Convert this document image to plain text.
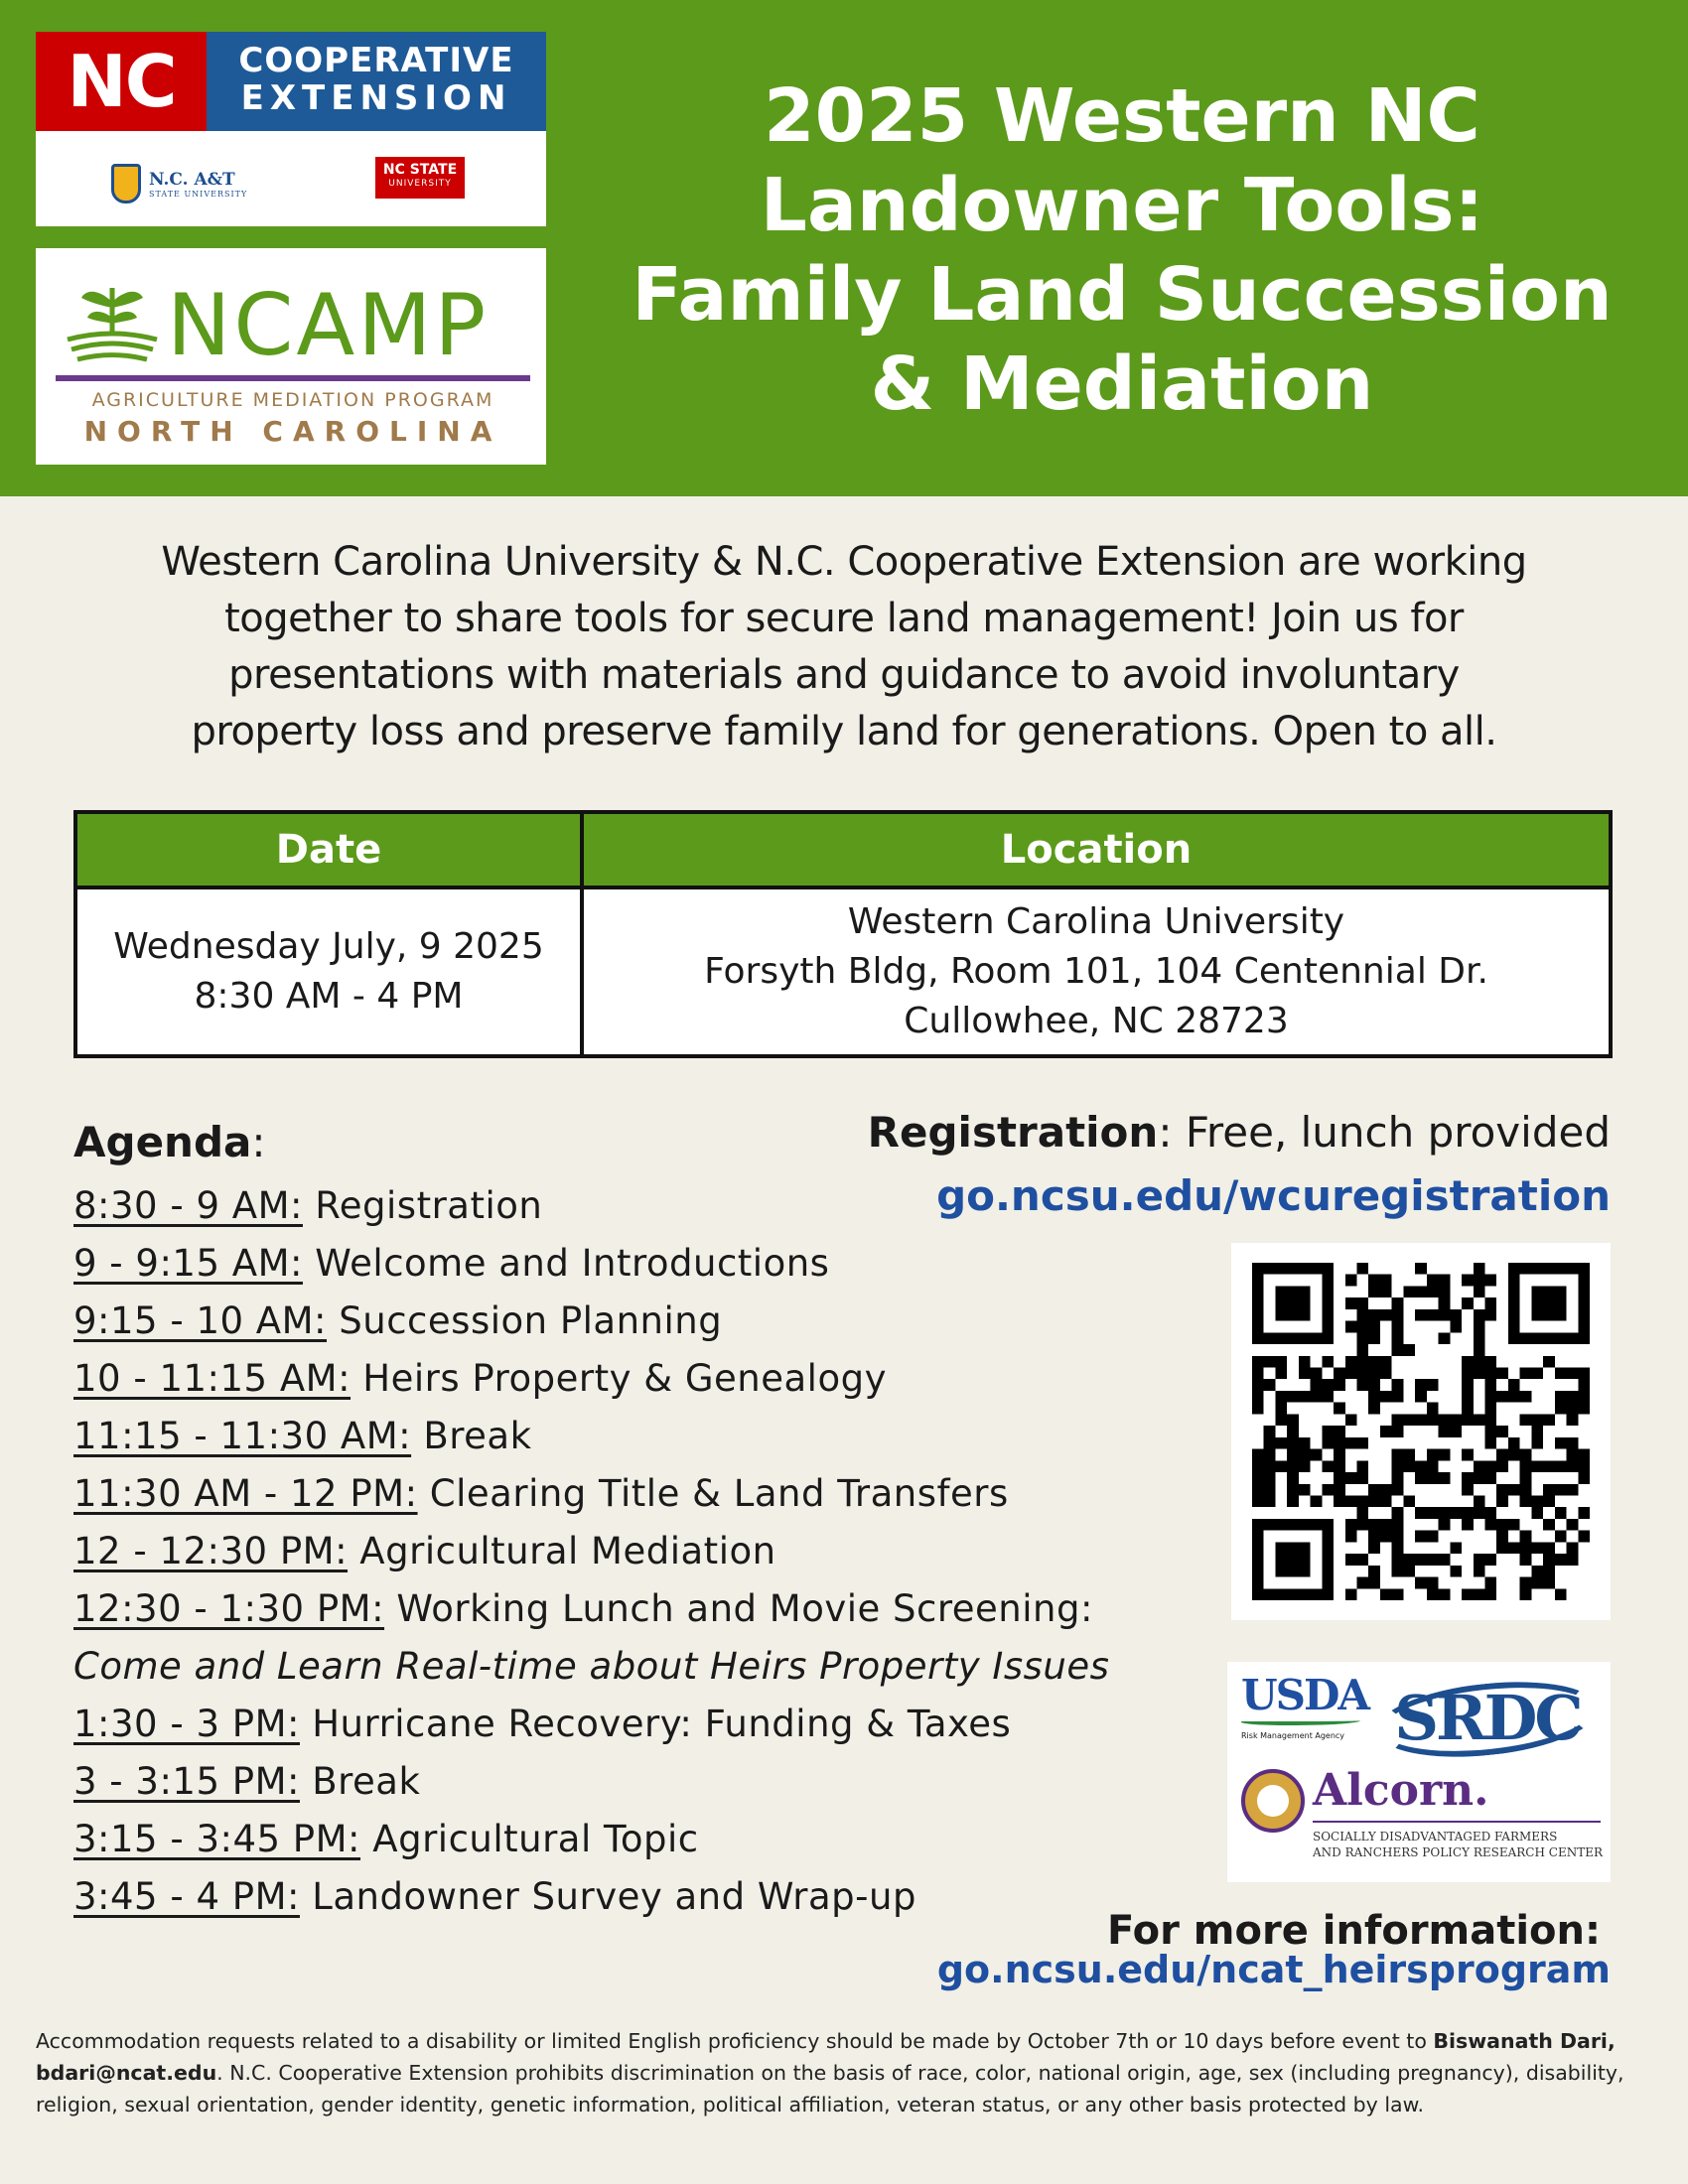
NC	COOPERATIVE
EXTENSION
N.C. A&T
STATE UNIVERSITY
NC STATE
UNIVERSITY
NCAMP
AGRICULTURE MEDIATION PROGRAM
NORTH CAROLINA
2025 Western NC
Landowner Tools:
Family Land Succession
& Mediation

Western Carolina University & N.C. Cooperative Extension are working
together to share tools for secure land management! Join us for
presentations with materials and guidance to avoid involuntary
property loss and preserve family land for generations. Open to all.

Date	Location

Wednesday July, 9 2025
8:30 AM - 4 PM	Western Carolina University
Forsyth Bldg, Room 101, 104 Centennial Dr.
Cullowhee, NC 28723
Agenda:
8:30 - 9 AM: Registration
9 - 9:15 AM: Welcome and Introductions
9:15 - 10 AM: Succession Planning
10 - 11:15 AM: Heirs Property & Genealogy
11:15 - 11:30 AM: Break
11:30 AM - 12 PM: Clearing Title & Land Transfers
12 - 12:30 PM: Agricultural Mediation
12:30 - 1:30 PM: Working Lunch and Movie Screening:
Come and Learn Real-time about Heirs Property Issues
1:30 - 3 PM: Hurricane Recovery: Funding & Taxes
3 - 3:15 PM: Break
3:15 - 3:45 PM: Agricultural Topic
3:45 - 4 PM: Landowner Survey and Wrap-up
Registration: Free, lunch provided
go.ncsu.edu/wcuregistration
USDA
Risk Management Agency SRDC
Alcorn.
SOCIALLY DISADVANTAGED FARMERS
AND RANCHERS POLICY RESEARCH CENTER
For more information:
go.ncsu.edu/ncat_heirsprogram

Accommodation requests related to a disability or limited English proficiency should be made by October 7th or 10 days before event to Biswanath Dari, bdari@ncat.edu. N.C. Cooperative Extension prohibits discrimination on the basis of race, color, national origin, age, sex (including pregnancy), disability, religion, sexual orientation, gender identity, genetic information, political affiliation, veteran status, or any other basis protected by law.
